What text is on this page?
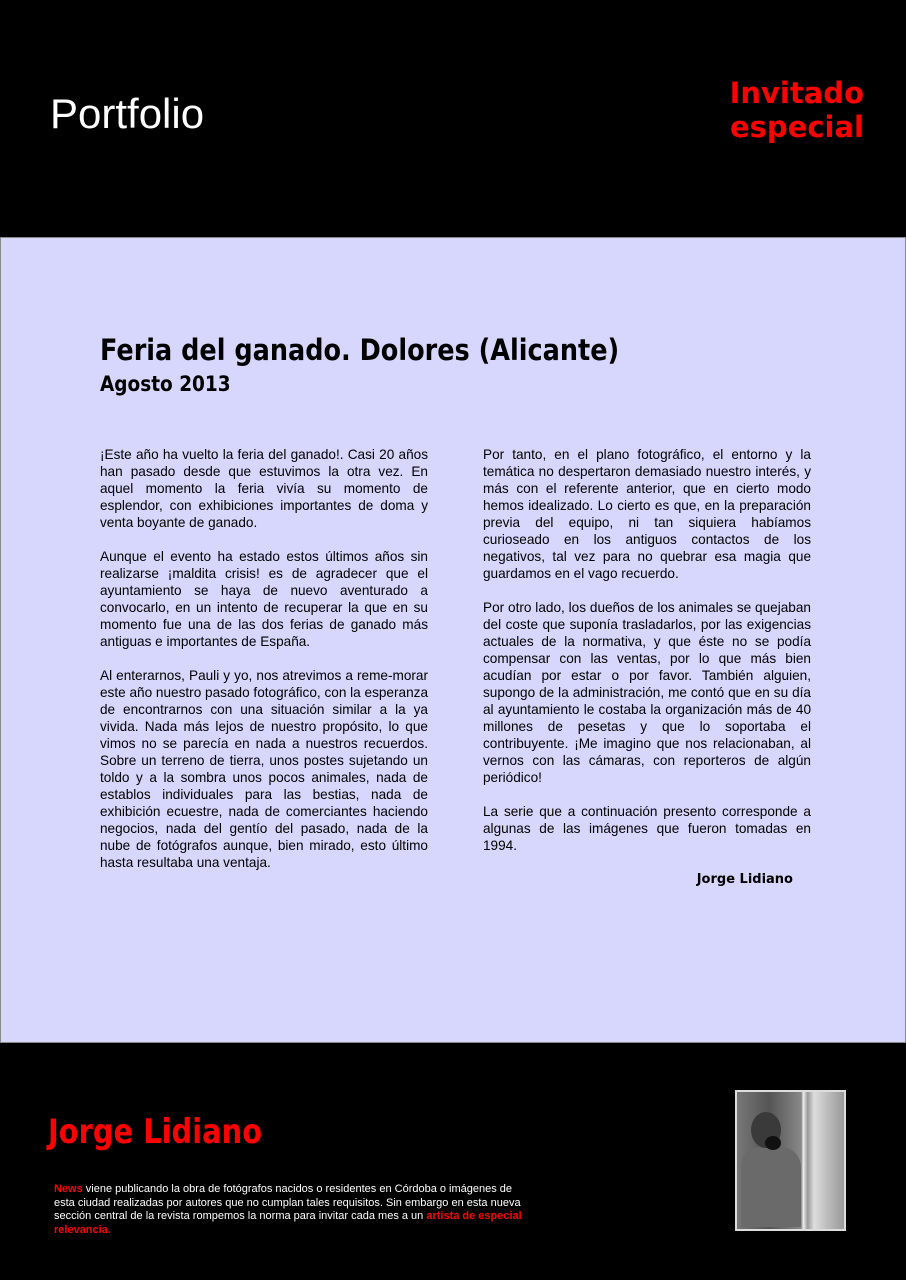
Portfolio	Invitado
especial
Feria del ganado. Dolores (Alicante)
Agosto 2013

¡Este año ha vuelto la feria del ganado!. Casi 20 años han pasado desde que estuvimos la otra vez. En aquel momento la feria vivía su momento de esplendor, con exhibiciones importantes de doma y venta boyante de ganado.

Aunque el evento ha estado estos últimos años sin realizarse ¡maldita crisis! es de agradecer que el ayuntamiento se haya de nuevo aventurado a convocarlo, en un intento de recuperar la que en su momento fue una de las dos ferias de ganado más antiguas e importantes de España.

Al enterarnos, Pauli y yo, nos atrevimos a reme-morar este año nuestro pasado fotográfico, con la esperanza de encontrarnos con una situación similar a la ya vivida. Nada más lejos de nuestro propósito, lo que vimos no se parecía en nada a nuestros recuerdos. Sobre un terreno de tierra, unos postes sujetando un toldo y a la sombra unos pocos animales, nada de establos individuales para las bestias, nada de exhibición ecuestre, nada de comerciantes haciendo negocios, nada del gentío del pasado, nada de la nube de fotógrafos aunque, bien mirado, esto último hasta resultaba una ventaja.

Por tanto, en el plano fotográfico, el entorno y la temática no despertaron demasiado nuestro interés, y más con el referente anterior, que en cierto modo hemos idealizado. Lo cierto es que, en la preparación previa del equipo, ni tan siquiera habíamos curioseado en los antiguos contactos de los negativos, tal vez para no quebrar esa magia que guardamos en el vago recuerdo.

Por otro lado, los dueños de los animales se quejaban del coste que suponía trasladarlos, por las exigencias actuales de la normativa, y que éste no se podía compensar con las ventas, por lo que más bien acudían por estar o por favor. También alguien, supongo de la administración, me contó que en su día al ayuntamiento le costaba la organización más de 40 millones de pesetas y que lo soportaba el contribuyente. ¡Me imagino que nos relacionaban, al vernos con las cámaras, con reporteros de algún periódico!

La serie que a continuación presento corresponde a algunas de las imágenes que fueron tomadas en 1994.

Jorge Lidiano
Jorge Lidiano
News viene publicando la obra de fotógrafos nacidos o residentes en Córdoba o imágenes de esta ciudad realizadas por autores que no cumplan tales requisitos. Sin embargo en esta nueva sección central de la revista rompemos la norma para invitar cada mes a un artista de especial relevancia.
